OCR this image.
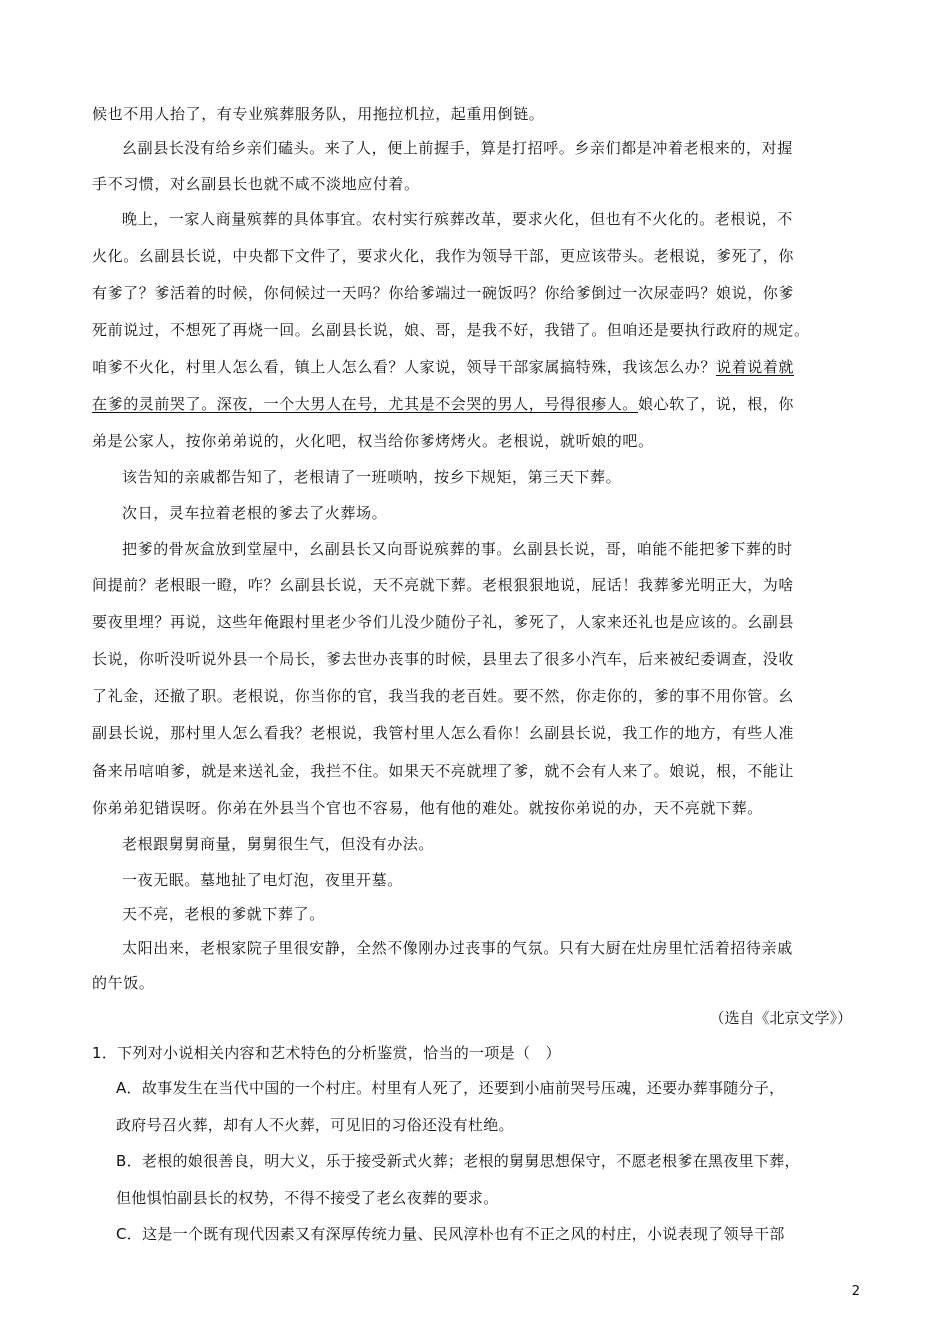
候也不用人抬了，有专业殡葬服务队，用拖拉机拉，起重用倒链。
幺副县长没有给乡亲们磕头。来了人，便上前握手，算是打招呼。乡亲们都是冲着老根来的，对握
手不习惯，对幺副县长也就不咸不淡地应付着。
晚上，一家人商量殡葬的具体事宜。农村实行殡葬改革，要求火化，但也有不火化的。老根说，不
火化。幺副县长说，中央都下文件了，要求火化，我作为领导干部，更应该带头。老根说，爹死了，你
有爹了？爹活着的时候，你伺候过一天吗？你给爹端过一碗饭吗？你给爹倒过一次尿壶吗？娘说，你爹
死前说过，不想死了再烧一回。幺副县长说，娘、哥，是我不好，我错了。但咱还是要执行政府的规定。
咱爹不火化，村里人怎么看，镇上人怎么看？人家说，领导干部家属搞特殊，我该怎么办？说着说着就
在爹的灵前哭了。深夜，一个大男人在号，尤其是不会哭的男人，号得很瘆人。娘心软了，说，根，你
弟是公家人，按你弟弟说的，火化吧，权当给你爹烤烤火。老根说，就听娘的吧。
该告知的亲戚都告知了，老根请了一班唢呐，按乡下规矩，第三天下葬。
次日，灵车拉着老根的爹去了火葬场。
把爹的骨灰盒放到堂屋中，幺副县长又向哥说殡葬的事。幺副县长说，哥，咱能不能把爹下葬的时
间提前？老根眼一瞪，咋？幺副县长说，天不亮就下葬。老根狠狠地说，屁话！我葬爹光明正大，为啥
要夜里埋？再说，这些年俺跟村里老少爷们儿没少随份子礼，爹死了，人家来还礼也是应该的。幺副县
长说，你听没听说外县一个局长，爹去世办丧事的时候，县里去了很多小汽车，后来被纪委调查，没收
了礼金，还撤了职。老根说，你当你的官，我当我的老百姓。要不然，你走你的，爹的事不用你管。幺
副县长说，那村里人怎么看我？老根说，我管村里人怎么看你！幺副县长说，我工作的地方，有些人准
备来吊唁咱爹，就是来送礼金，我拦不住。如果天不亮就埋了爹，就不会有人来了。娘说，根，不能让
你弟弟犯错误呀。你弟在外县当个官也不容易，他有他的难处。就按你弟说的办，天不亮就下葬。
老根跟舅舅商量，舅舅很生气，但没有办法。
一夜无眠。墓地扯了电灯泡，夜里开墓。
天不亮，老根的爹就下葬了。
太阳出来，老根家院子里很安静，全然不像刚办过丧事的气氛。只有大厨在灶房里忙活着招待亲戚
的午饭。
（选自《北京文学》）
1．下列对小说相关内容和艺术特色的分析鉴赏，恰当的一项是（　）
A．故事发生在当代中国的一个村庄。村里有人死了，还要到小庙前哭号压魂，还要办葬事随分子，
政府号召火葬，却有人不火葬，可见旧的习俗还没有杜绝。
B．老根的娘很善良，明大义，乐于接受新式火葬；老根的舅舅思想保守，不愿老根爹在黑夜里下葬，
但他惧怕副县长的权势，不得不接受了老幺夜葬的要求。
C．这是一个既有现代因素又有深厚传统力量、民风淳朴也有不正之风的村庄，小说表现了领导干部
2
